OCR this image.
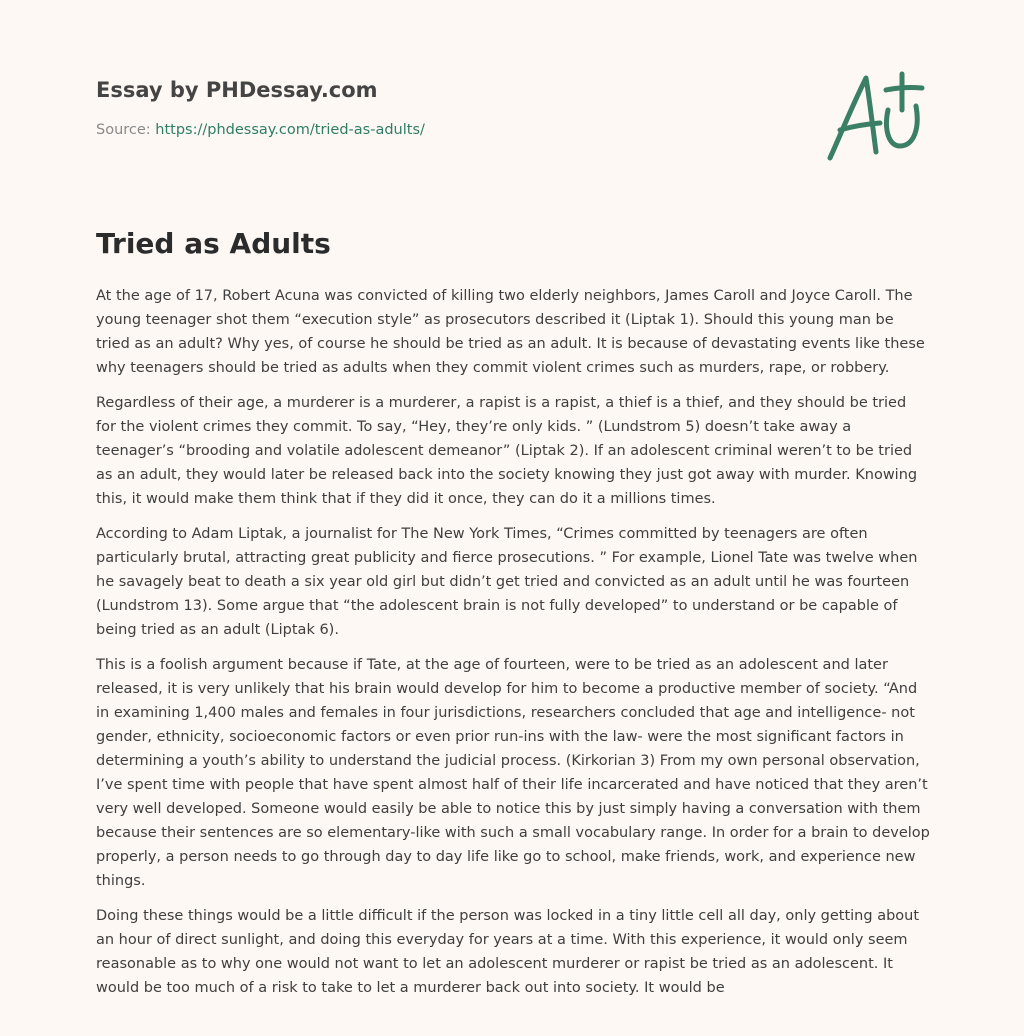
Essay by PHDessay.com
Source: https://phdessay.com/tried-as-adults/
Tried as Adults

At the age of 17, Robert Acuna was convicted of killing two elderly neighbors, James Caroll and Joyce Caroll. The young teenager shot them “execution style” as prosecutors described it (Liptak 1). Should this young man be tried as an adult? Why yes, of course he should be tried as an adult. It is because of devastating events like these why teenagers should be tried as adults when they commit violent crimes such as murders, rape, or robbery.

Regardless of their age, a murderer is a murderer, a rapist is a rapist, a thief is a thief, and they should be tried for the violent crimes they commit. To say, “Hey, they’re only kids. ” (Lundstrom 5) doesn’t take away a teenager’s “brooding and volatile adolescent demeanor” (Liptak 2). If an adolescent criminal weren’t to be tried as an adult, they would later be released back into the society knowing they just got away with murder. Knowing this, it would make them think that if they did it once, they can do it a millions times.

According to Adam Liptak, a journalist for The New York Times, “Crimes committed by teenagers are often particularly brutal, attracting great publicity and fierce prosecutions. ” For example, Lionel Tate was twelve when he savagely beat to death a six year old girl but didn’t get tried and convicted as an adult until he was fourteen (Lundstrom 13). Some argue that “the adolescent brain is not fully developed” to understand or be capable of being tried as an adult (Liptak 6).

This is a foolish argument because if Tate, at the age of fourteen, were to be tried as an adolescent and later released, it is very unlikely that his brain would develop for him to become a productive member of society. “And in examining 1,400 males and females in four jurisdictions, researchers concluded that age and intelligence- not gender, ethnicity, socioeconomic factors or even prior run-ins with the law- were the most significant factors in determining a youth’s ability to understand the judicial process. (Kirkorian 3) From my own personal observation, I’ve spent time with people that have spent almost half of their life incarcerated and have noticed that they aren’t very well developed. Someone would easily be able to notice this by just simply having a conversation with them because their sentences are so elementary-like with such a small vocabulary range. In order for a brain to develop properly, a person needs to go through day to day life like go to school, make friends, work, and experience new things.

Doing these things would be a little difficult if the person was locked in a tiny little cell all day, only getting about an hour of direct sunlight, and doing this everyday for years at a time. With this experience, it would only seem reasonable as to why one would not want to let an adolescent murderer or rapist be tried as an adolescent. It would be too much of a risk to take to let a murderer back out into society. It would be
